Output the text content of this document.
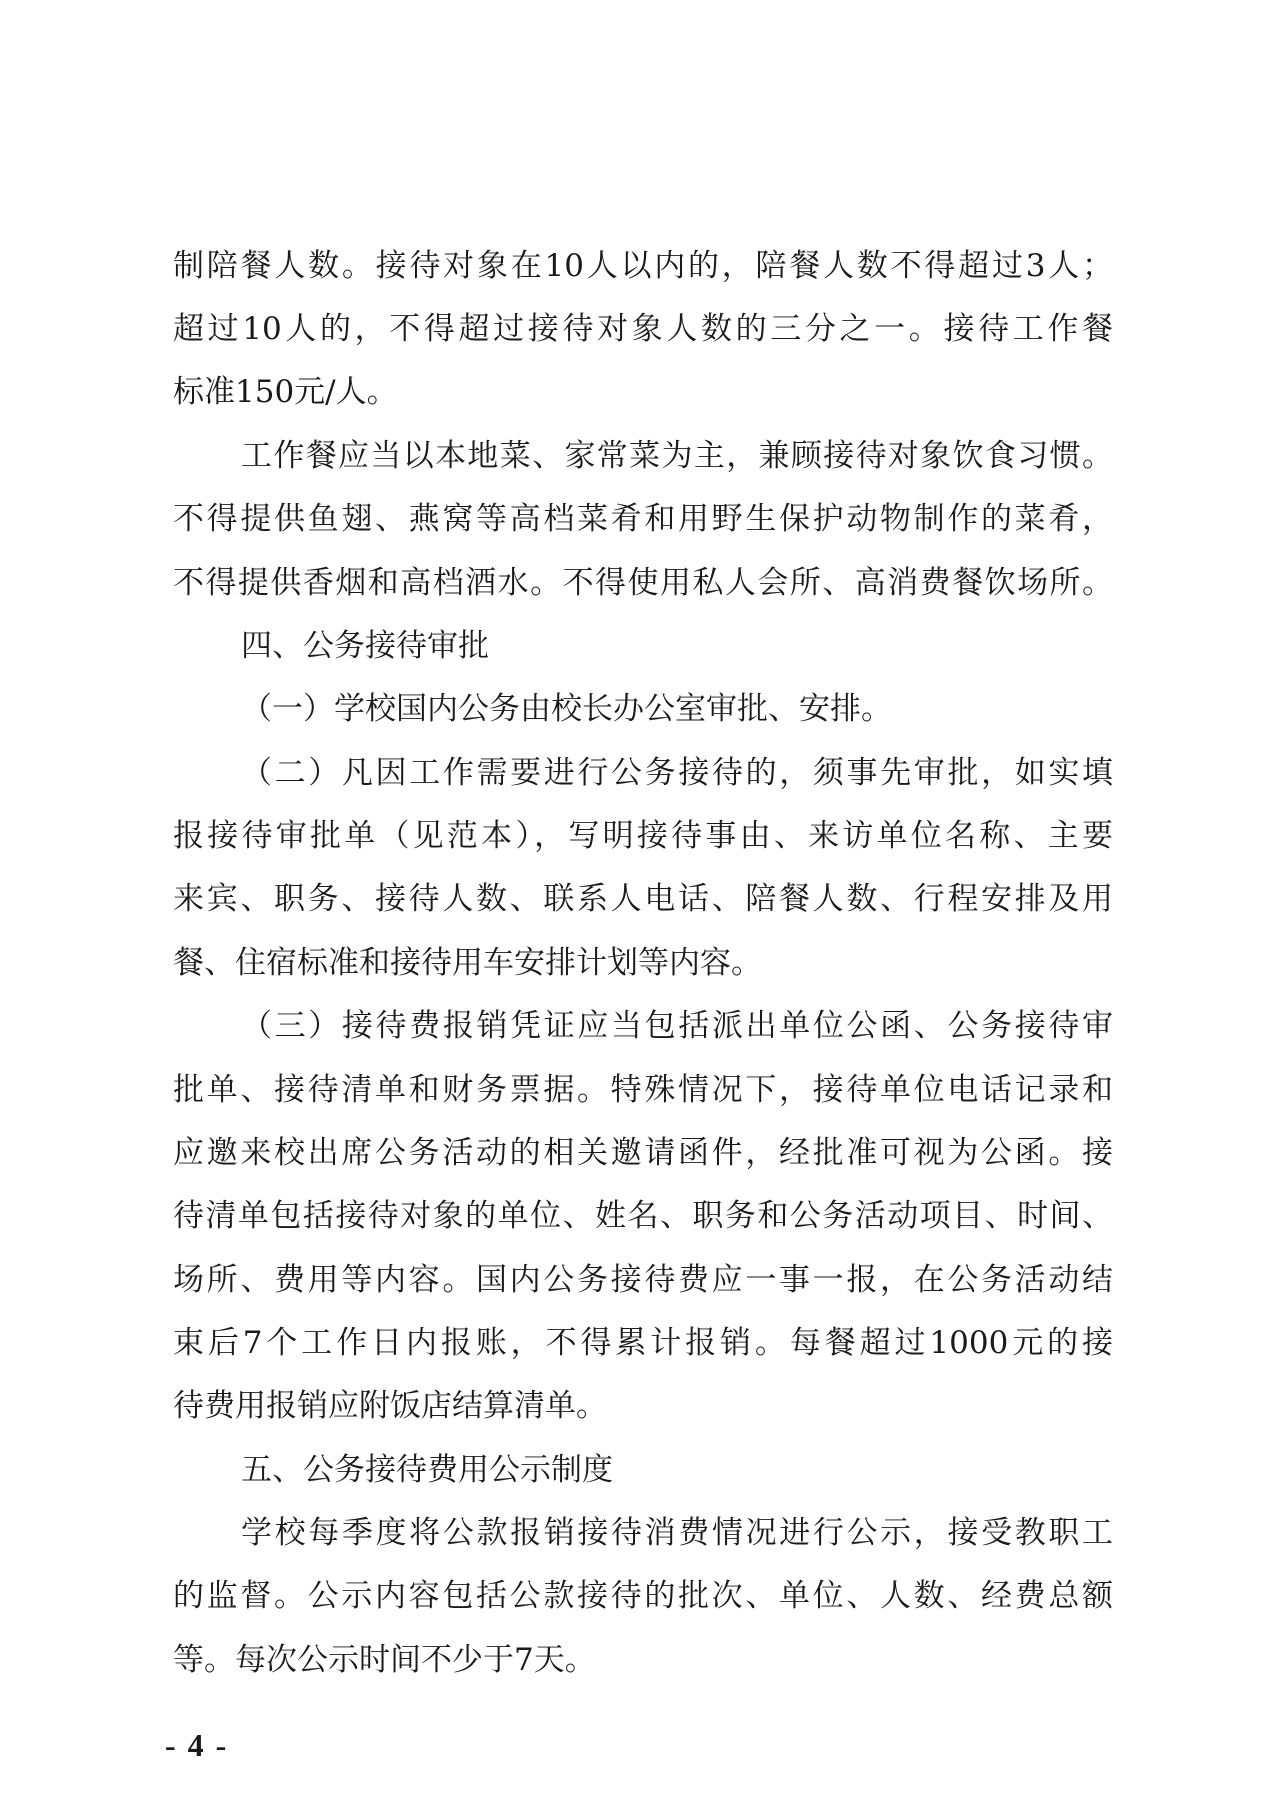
制陪餐人数。接待对象在10人以内的，陪餐人数不得超过3人；
超过10人的，不得超过接待对象人数的三分之一。接待工作餐
标准150元/人。
工作餐应当以本地菜、家常菜为主，兼顾接待对象饮食习惯。
不得提供鱼翅、燕窝等高档菜肴和用野生保护动物制作的菜肴，
不得提供香烟和高档酒水。不得使用私人会所、高消费餐饮场所。
四、公务接待审批
（一）学校国内公务由校长办公室审批、安排。
（二）凡因工作需要进行公务接待的，须事先审批，如实填
报接待审批单（见范本），写明接待事由、来访单位名称、主要
来宾、职务、接待人数、联系人电话、陪餐人数、行程安排及用
餐、住宿标准和接待用车安排计划等内容。
（三）接待费报销凭证应当包括派出单位公函、公务接待审
批单、接待清单和财务票据。特殊情况下，接待单位电话记录和
应邀来校出席公务活动的相关邀请函件，经批准可视为公函。接
待清单包括接待对象的单位、姓名、职务和公务活动项目、时间、
场所、费用等内容。国内公务接待费应一事一报，在公务活动结
束后7个工作日内报账，不得累计报销。每餐超过1000元的接
待费用报销应附饭店结算清单。
五、公务接待费用公示制度
学校每季度将公款报销接待消费情况进行公示，接受教职工
的监督。公示内容包括公款接待的批次、单位、人数、经费总额
等。每次公示时间不少于7天。
- 4 -
